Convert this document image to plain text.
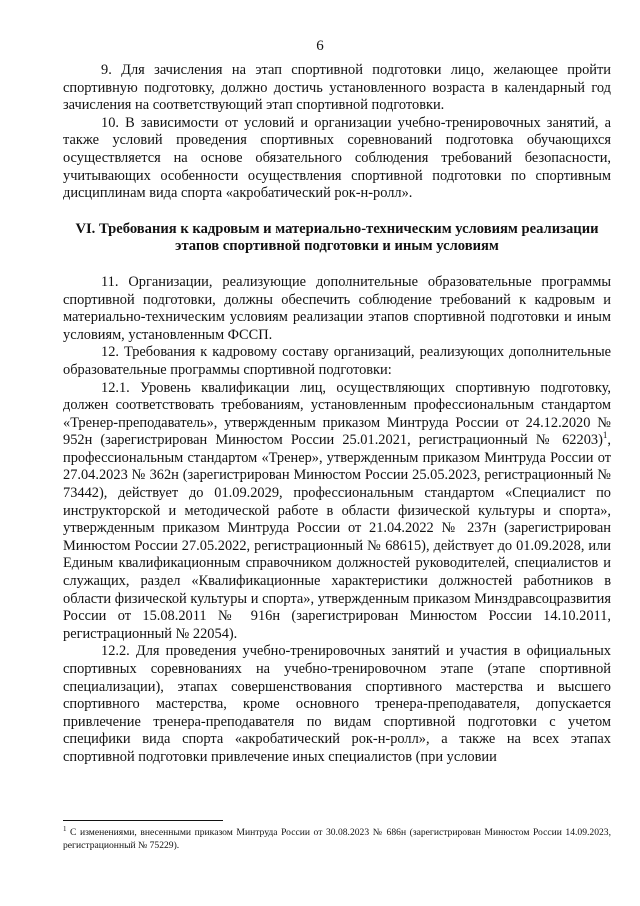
6

9. Для зачисления на этап спортивной подготовки лицо, желающее пройти спортивную подготовку, должно достичь установленного возраста в календарный год зачисления на соответствующий этап спортивной подготовки.

10. В зависимости от условий и организации учебно-тренировочных занятий, а также условий проведения спортивных соревнований подготовка обучающихся осуществляется на основе обязательного соблюдения требований безопасности, учитывающих особенности осуществления спортивной подготовки по спортивным дисциплинам вида спорта «акробатический рок-н-ролл».

VI. Требования к кадровым и материально-техническим условиям реализации этапов спортивной подготовки и иным условиям

11. Организации, реализующие дополнительные образовательные программы спортивной подготовки, должны обеспечить соблюдение требований к кадровым и материально-техническим условиям реализации этапов спортивной подготовки и иным условиям, установленным ФССП.

12. Требования к кадровому составу организаций, реализующих дополнительные образовательные программы спортивной подготовки:

12.1. Уровень квалификации лиц, осуществляющих спортивную подготовку, должен соответствовать требованиям, установленным профессиональным стандартом «Тренер-преподаватель», утвержденным приказом Минтруда России от 24.12.2020 № 952н (зарегистрирован Минюстом России 25.01.2021, регистрационный № 62203)$^1$, профессиональным стандартом «Тренер», утвержденным приказом Минтруда России от 27.04.2023 № 362н (зарегистрирован Минюстом России 25.05.2023, регистрационный № 73442), действует до 01.09.2029, профессиональным стандартом «Специалист по инструкторской и методической работе в области физической культуры и спорта», утвержденным приказом Минтруда России от 21.04.2022 № 237н (зарегистрирован Минюстом России 27.05.2022, регистрационный № 68615), действует до 01.09.2028, или Единым квалификационным справочником должностей руководителей, специалистов и служащих, раздел «Квалификационные характеристики должностей работников в области физической культуры и спорта», утвержденным приказом Минздравсоцразвития России от 15.08.2011 № 916н (зарегистрирован Минюстом России 14.10.2011, регистрационный № 22054).

12.2. Для проведения учебно-тренировочных занятий и участия в официальных спортивных соревнованиях на учебно-тренировочном этапе (этапе спортивной специализации), этапах совершенствования спортивного мастерства и высшего спортивного мастерства, кроме основного тренера-преподавателя, допускается привлечение тренера-преподавателя по видам спортивной подготовки с учетом специфики вида спорта «акробатический рок-н-ролл», а также на всех этапах спортивной подготовки привлечение иных специалистов (при условии

$^1$ С изменениями, внесенными приказом Минтруда России от 30.08.2023 № 686н (зарегистрирован Минюстом России 14.09.2023, регистрационный № 75229).
